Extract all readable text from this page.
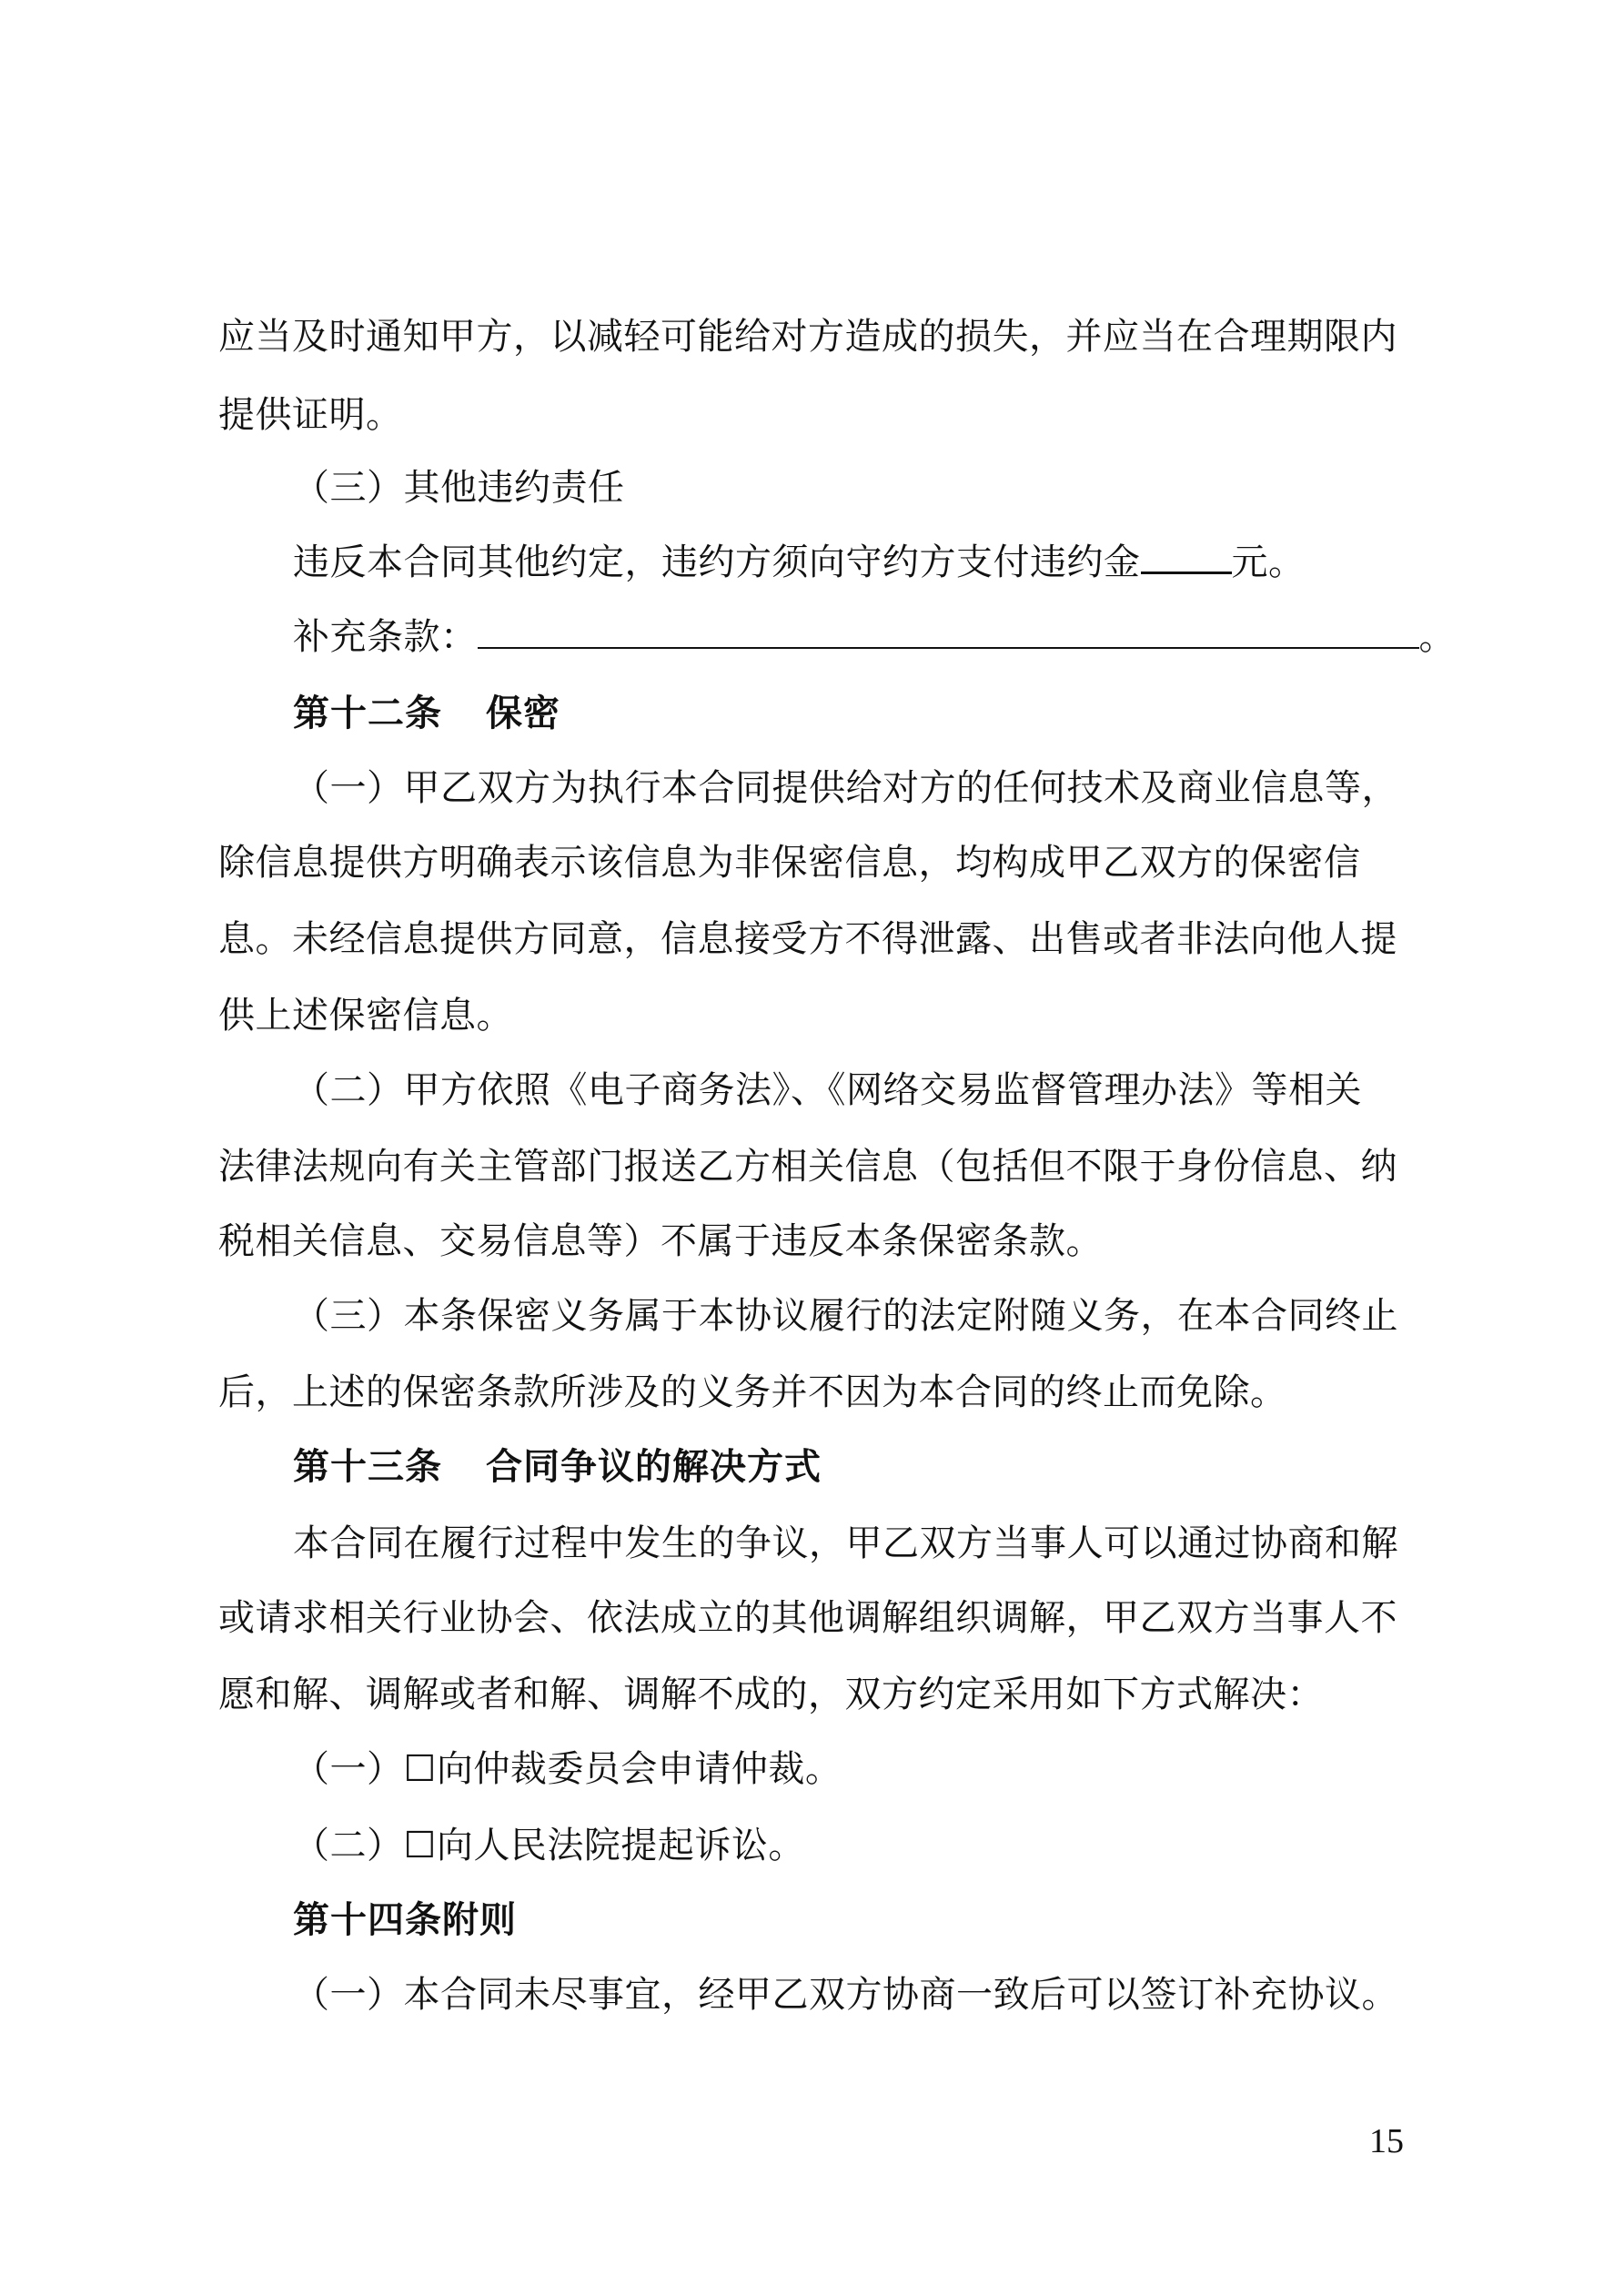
应当及时通知甲方，以减轻可能给对方造成的损失，并应当在合理期限内
提供证明。
（三）其他违约责任
违反本合同其他约定，违约方须向守约方支付违约金	元。
补充条款：	。
第十二条 保密
（一）甲乙双方为执行本合同提供给对方的任何技术及商业信息等，
除信息提供方明确表示该信息为非保密信息，均构成甲乙双方的保密信
息。未经信息提供方同意，信息接受方不得泄露、出售或者非法向他人提
供上述保密信息。
（二）甲方依照《电子商务法》、《网络交易监督管理办法》等相关
法律法规向有关主管部门报送乙方相关信息（包括但不限于身份信息、纳
税相关信息、交易信息等）不属于违反本条保密条款。
（三）本条保密义务属于本协议履行的法定附随义务，在本合同终止
后，上述的保密条款所涉及的义务并不因为本合同的终止而免除。
第十三条 合同争议的解决方式
本合同在履行过程中发生的争议，甲乙双方当事人可以通过协商和解
或请求相关行业协会、依法成立的其他调解组织调解，甲乙双方当事人不
愿和解、调解或者和解、调解不成的，双方约定采用如下方式解决：
（一）☐向仲裁委员会申请仲裁。
（二）☐向人民法院提起诉讼。
第十四条附则
（一）本合同未尽事宜，经甲乙双方协商一致后可以签订补充协议。
15
